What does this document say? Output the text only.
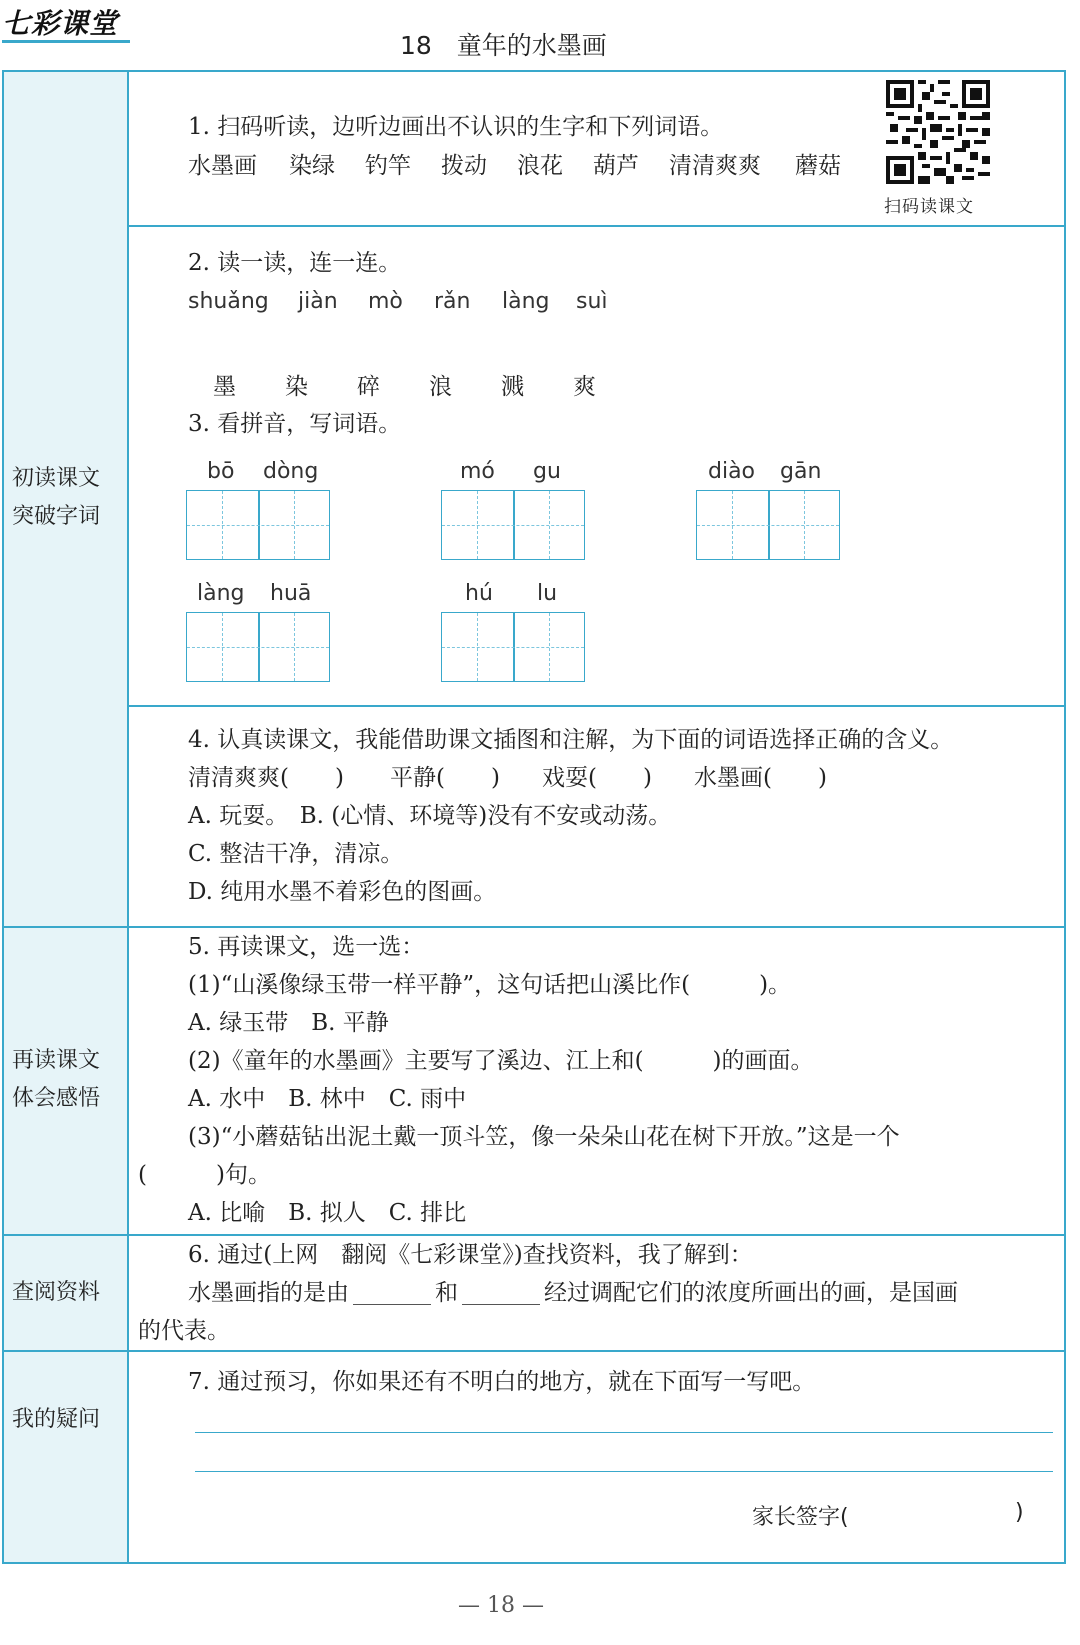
七彩课堂
18　童年的水墨画
初读课文
突破字词
再读课文
体会感悟
查阅资料
我的疑问
1. 扫码听读，边听边画出不认识的生字和下列词语。
水墨画 染绿 钓竿 拨动 浪花 葫芦 清清爽爽 蘑菇
扫码读课文
2. 读一读，连一连。
shuǎng jiàn mò rǎn làng suì
墨 染 碎 浪 溅 爽
3. 看拼音，写词语。
bō dòng	mó gu	diào gān
làng huā	hú lu
4. 认真读课文，我能借助课文插图和注解，为下面的词语选择正确的含义。
清清爽爽(　　) 平静(　　) 戏耍(　　) 水墨画(　　)
A. 玩耍。　B. (心情、环境等)没有不安或动荡。
C. 整洁干净，清凉。
D. 纯用水墨不着彩色的图画。
5. 再读课文，选一选：
(1)“山溪像绿玉带一样平静”，这句话把山溪比作(　　　)。
A. 绿玉带　B. 平静
(2)《童年的水墨画》主要写了溪边、江上和(　　　)的画面。
A. 水中　B. 林中　C. 雨中
(3)“小蘑菇钻出泥土戴一顶斗笠，像一朵朵山花在树下开放。”这是一个
(　　　)句。
A. 比喻　B. 拟人　C. 排比
6. 通过(上网　翻阅《七彩课堂》)查找资料，我了解到：
水墨画指的是由	和	经过调配它们的浓度所画出的画，是国画
的代表。
7. 通过预习，你如果还有不明白的地方，就在下面写一写吧。
家长签字(	)
— 18 —
